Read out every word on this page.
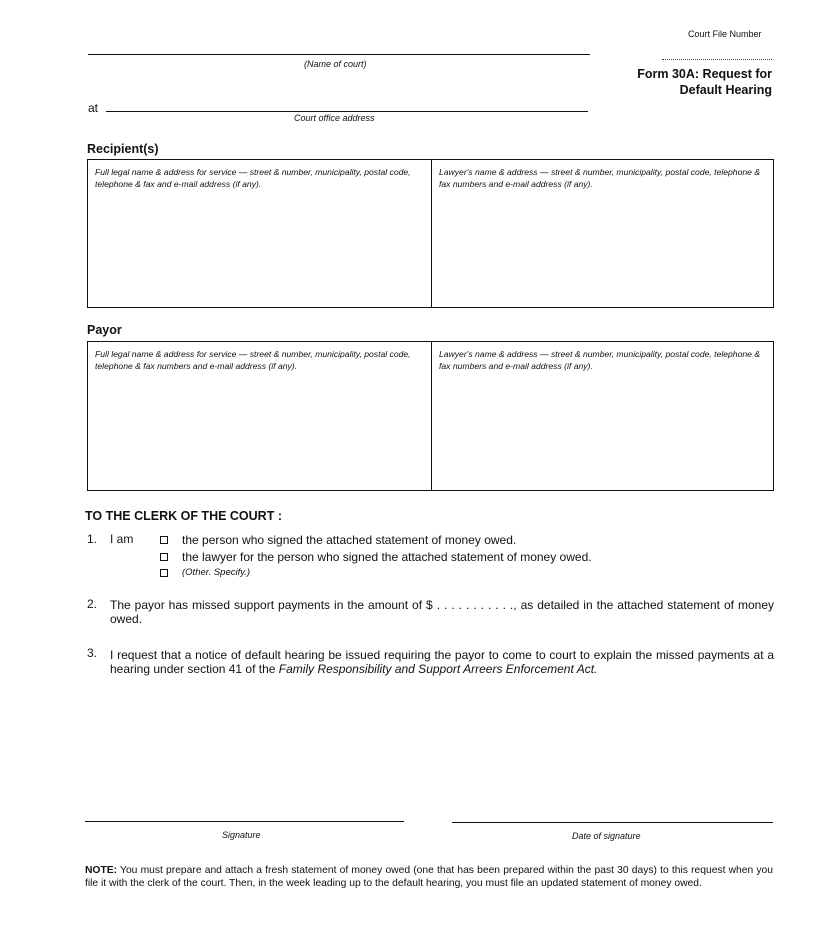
Court File Number
(Name of court)
at
Court office address
Form 30A: Request for
Default Hearing
Recipient(s)
Full legal name & address for service — street & number, municipality, postal code, telephone & fax and e-mail address (if any).
Lawyer's name & address — street & number, municipality, postal code, telephone & fax numbers and e-mail address (if any).
Payor
Full legal name & address for service — street & number, municipality, postal code, telephone & fax numbers and e-mail address (if any).
Lawyer's name & address — street & number, municipality, postal code, telephone & fax numbers and e-mail address (if any).
TO THE CLERK OF THE COURT :
1. I am	the person who signed the attached statement of money owed.
the lawyer for the person who signed the attached statement of money owed.
(Other. Specify.)
2. The payor has missed support payments in the amount of $ . . . . . . . . . . ., as detailed in the attached statement of money owed.
3. I request that a notice of default hearing be issued requiring the payor to come to court to explain the missed payments at a hearing under section 41 of the Family Responsibility and Support Arreers Enforcement Act.
Signature	Date of signature
NOTE: You must prepare and attach a fresh statement of money owed (one that has been prepared within the past 30 days) to this request when you file it with the clerk of the court. Then, in the week leading up to the default hearing, you must file an updated statement of money owed.
